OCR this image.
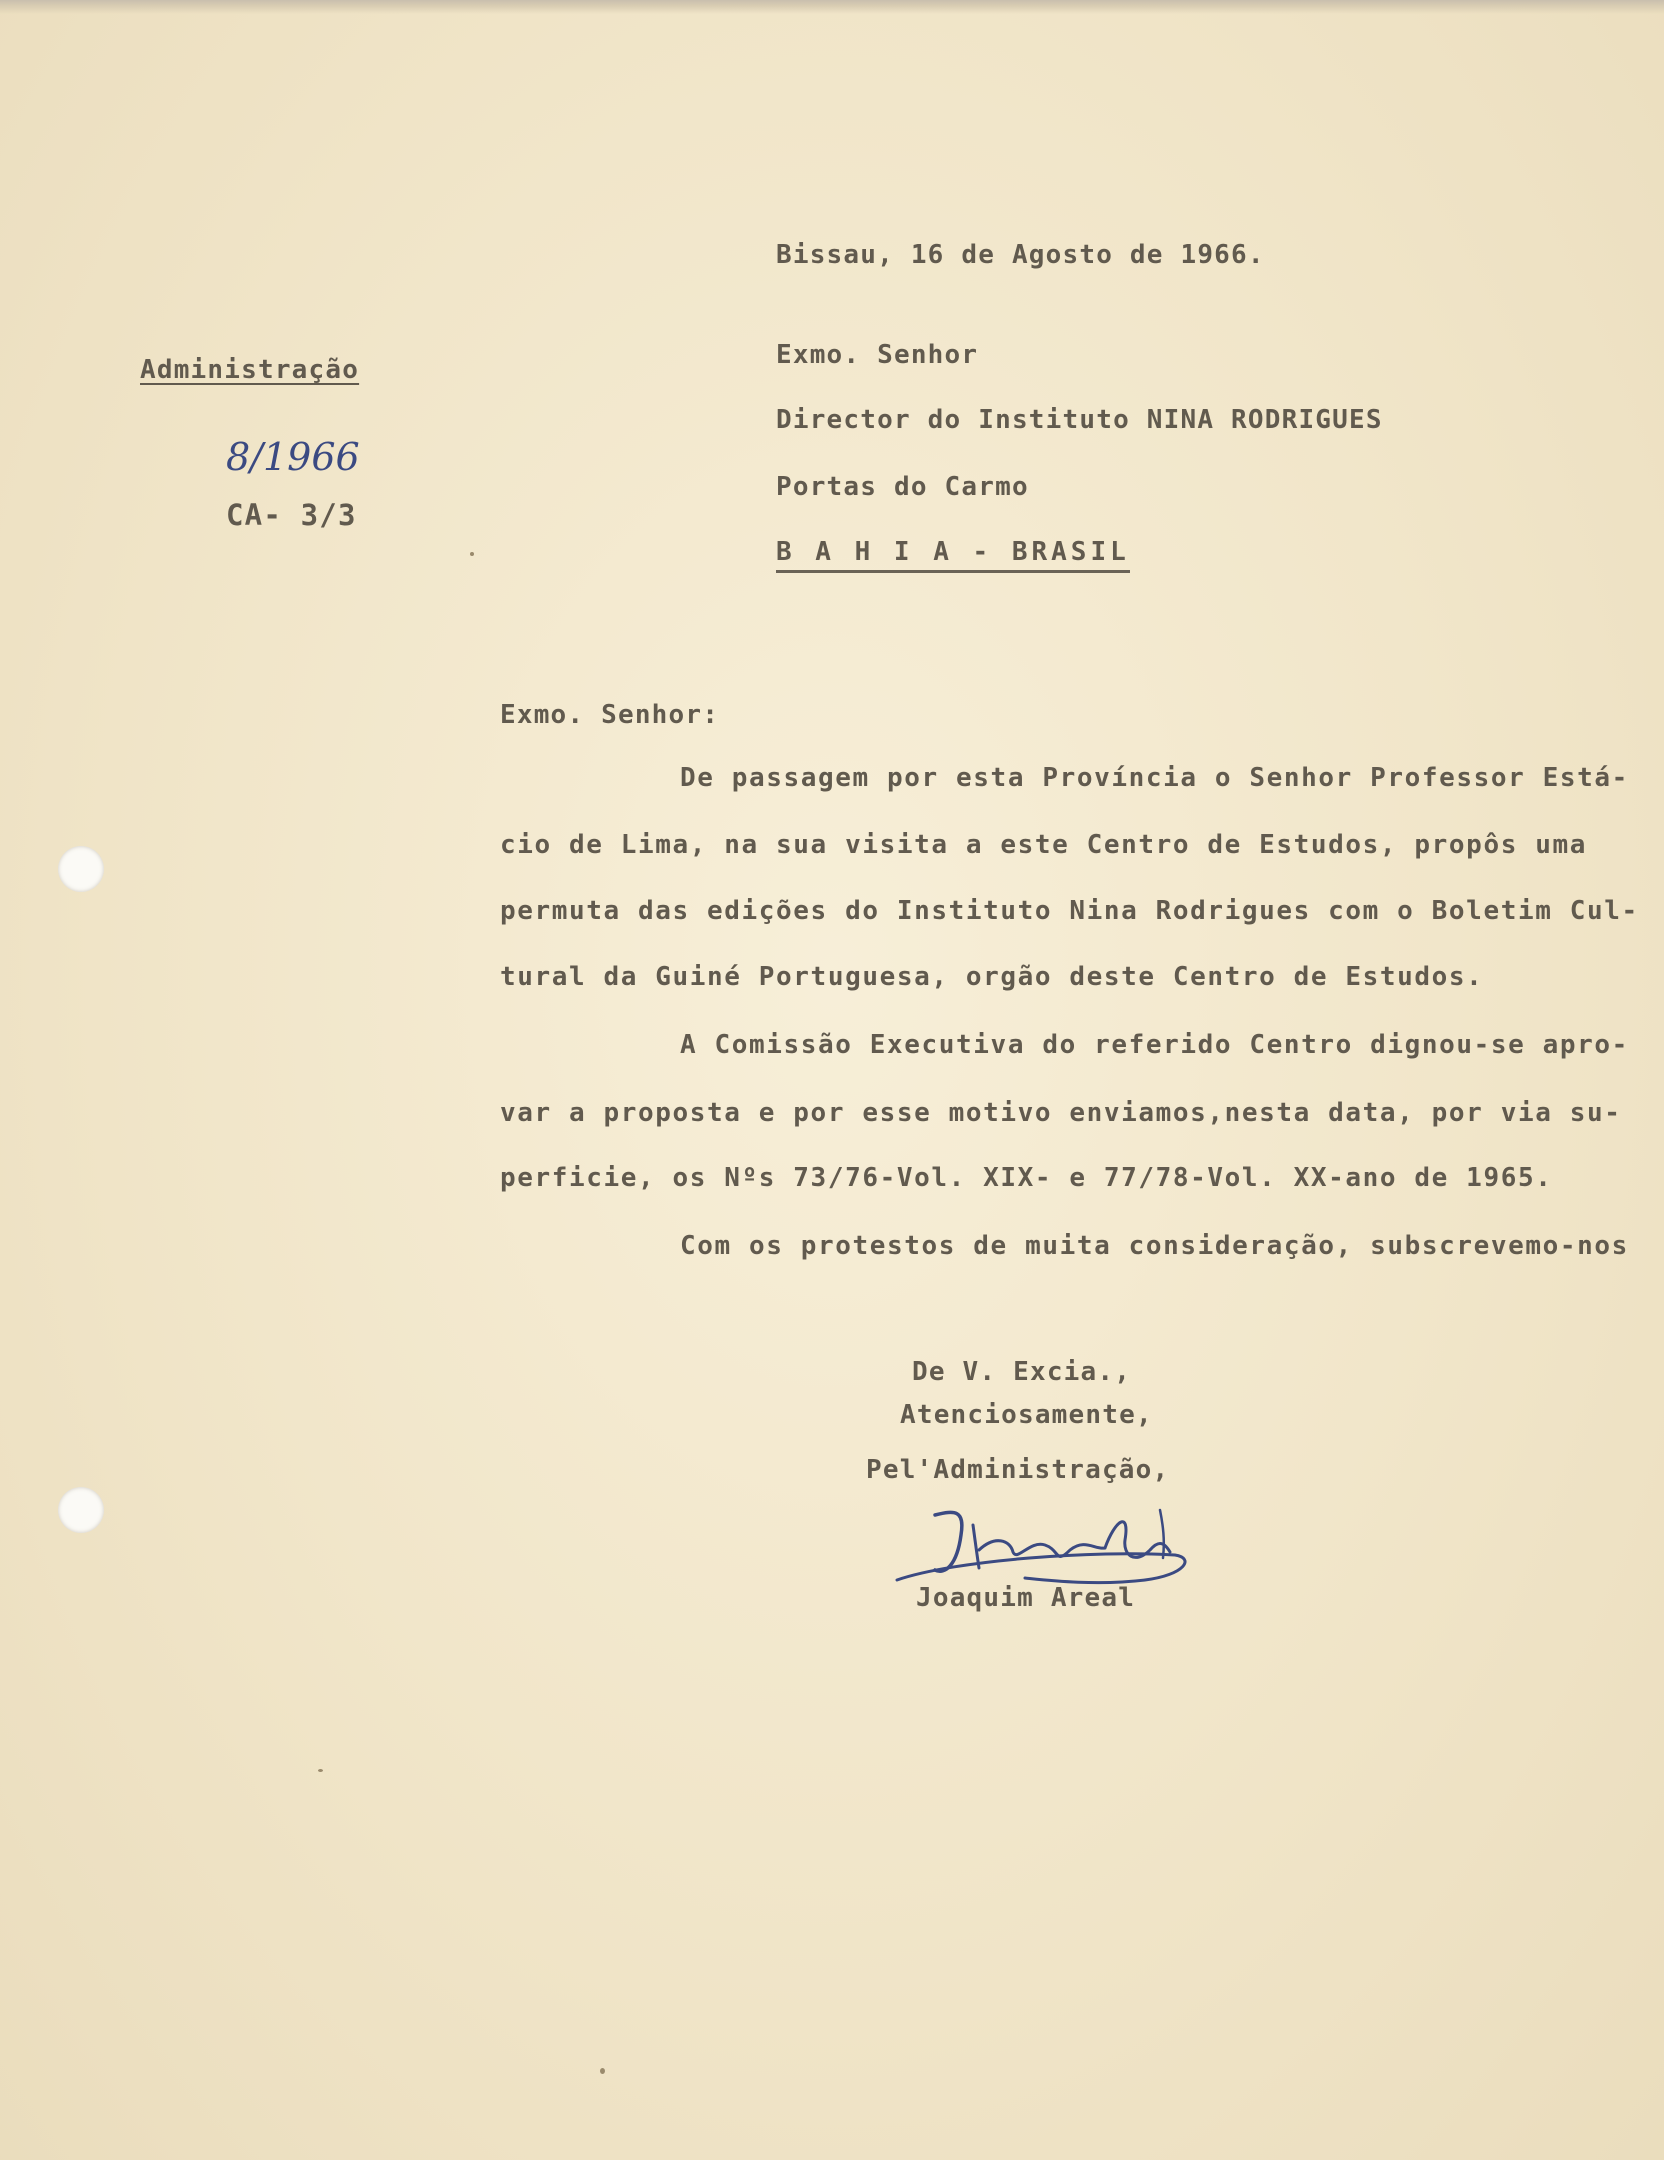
Administração
8/1966
CA- 3/3
Bissau, 16 de Agosto de 1966.
Exmo. Senhor
Director do Instituto NINA RODRIGUES
Portas do Carmo
B A H I A - BRASIL
Exmo. Senhor:
De passagem por esta Província o Senhor Professor Está-
cio de Lima, na sua visita a este Centro de Estudos, propôs uma
permuta das edições do Instituto Nina Rodrigues com o Boletim Cul-
tural da Guiné Portuguesa, orgão deste Centro de Estudos.
A Comissão Executiva do referido Centro dignou-se apro-
var a proposta e por esse motivo enviamos,nesta data, por via su-
perficie, os Nºs 73/76-Vol. XIX- e 77/78-Vol. XX-ano de 1965.
Com os protestos de muita consideração, subscrevemo-nos
De V. Excia.,
Atenciosamente,
Pel'Administração,
Joaquim Areal
